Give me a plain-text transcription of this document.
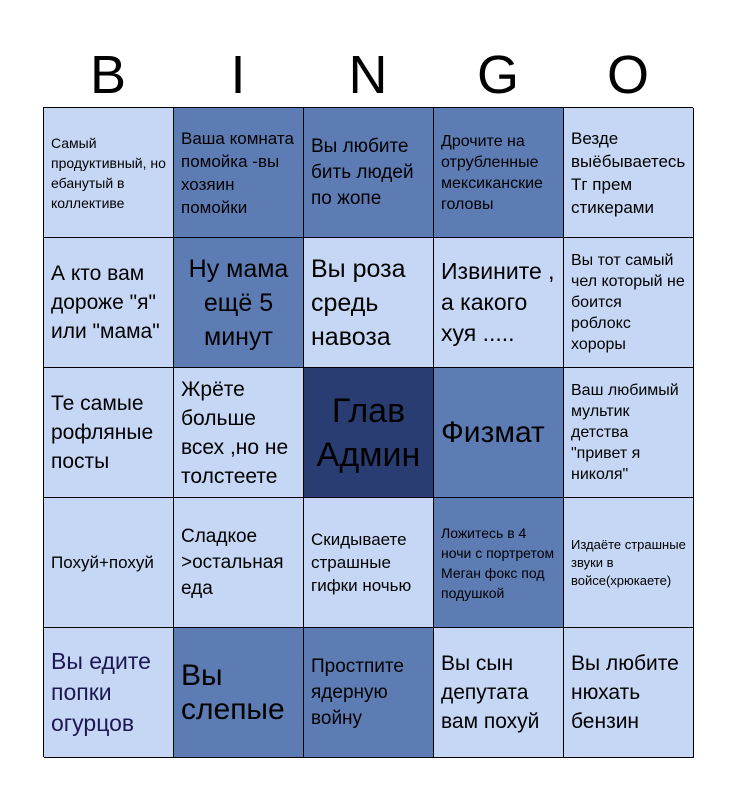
B	I	N	G	O
Самый продуктивный, но ебанутый в коллективе
Ваша комната помойка -вы хозяин помойки
Вы любите бить людей по жопе
Дрочите на отрубленные мексиканские головы
Везде выёбываетесь Тг прем стикерами
А кто вам дороже "я" или "мама"
Ну мама ещё 5 минут
Вы роза средь навоза
Извините , а какого хуя .....
Вы тот самый чел который не боится роблокс хороры
Те самые рофляные посты
Жрёте больше всех ,но не толстеете
Глав Админ
Физмат
Ваш любимый мультик детства "привет я николя"
Похуй+похуй
Сладкое >остальная еда
Скидываете страшные гифки ночью
Ложитесь в 4 ночи с портретом Меган фокс под подушкой
Издаёте страшные звуки в войсе(хрюкаете)
Вы едите попки огурцов
Вы слепые
Простпите ядерную войну
Вы сын депутата вам похуй
Вы любите нюхать бензин
